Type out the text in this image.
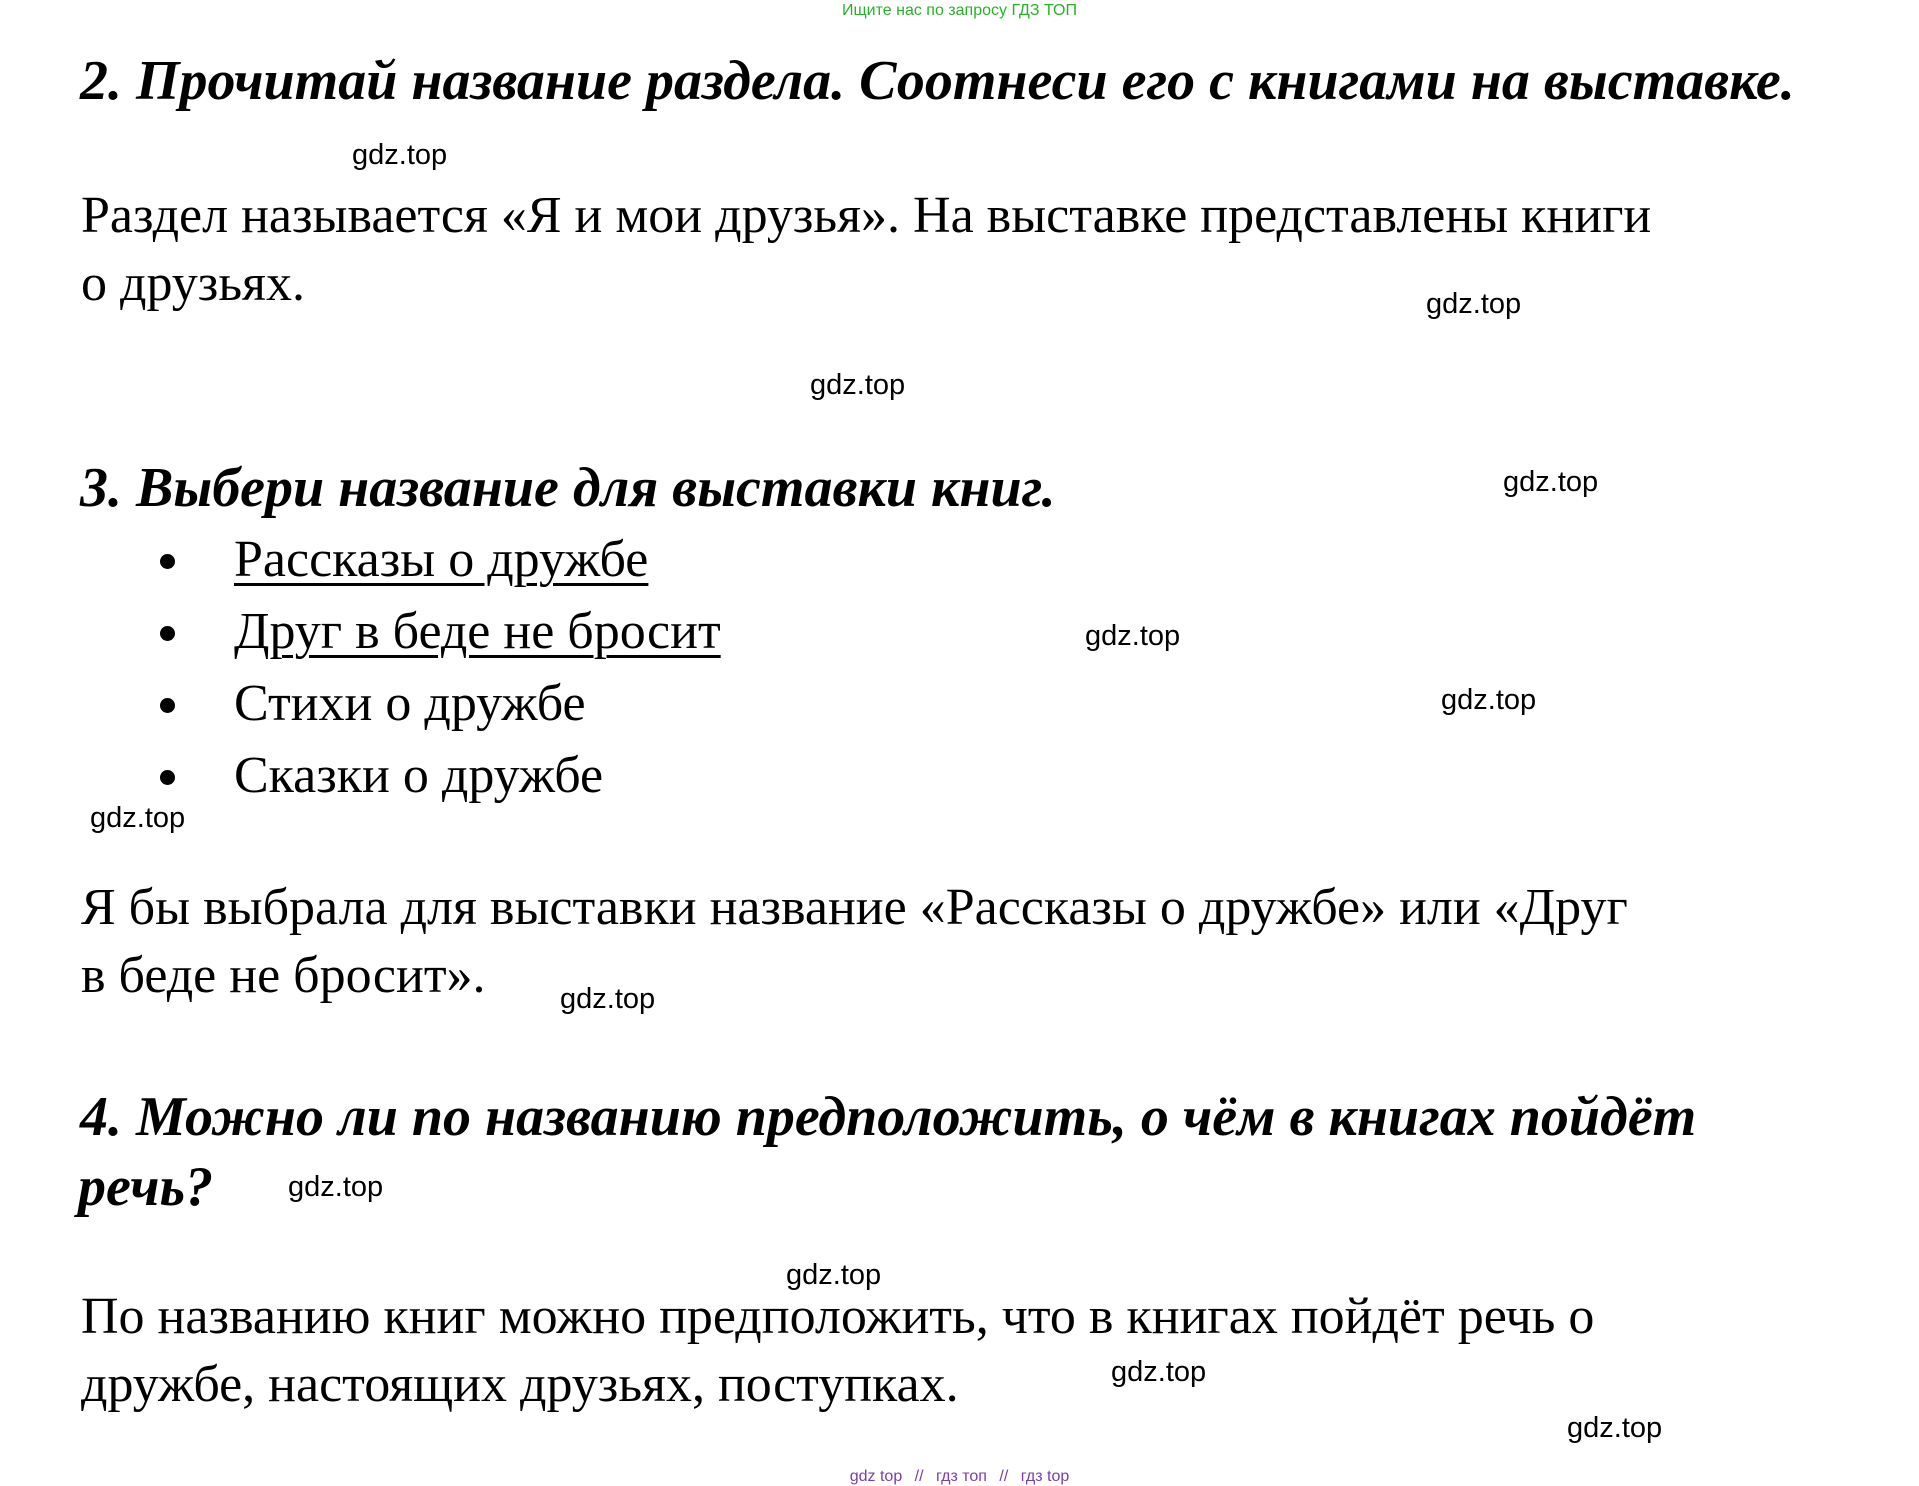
Ищите нас по запросу ГДЗ ТОП
2. Прочитай название раздела. Соотнеси его с книгами на выставке.

Раздел называется «Я и мои друзья». На выставке представлены книги
о друзьях.

3. Выбери название для выставки книг.
Рассказы о дружбе
Друг в беде не бросит
Стихи о дружбе
Сказки о дружбе

Я бы выбрала для выставки название «Рассказы о дружбе» или «Друг
в беде не бросит».

4. Можно ли по названию предположить, о чём в книгах пойдёт
речь?

По названию книг можно предположить, что в книгах пойдёт речь о
дружбе, настоящих друзьях, поступках.

gdz.top
gdz.top
gdz.top
gdz.top
gdz.top
gdz.top
gdz.top
gdz.top
gdz.top
gdz.top
gdz.top
gdz.top
gdz top // гдз топ // гдз top
